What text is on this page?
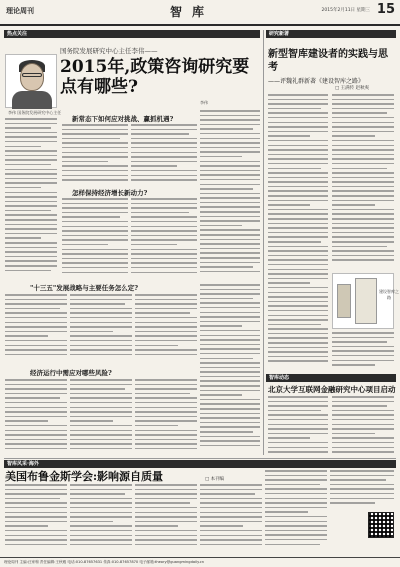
理论周刊	智库	2015年2月11日 星期三 15
热点关注	研究新著
国务院发展研究中心主任李伟——
2015年,政策咨询研究要点有哪些?
李伟
李伟 国务院发展研究中心主任
新常态下如何应对挑战、赢抓机遇?
怎样保持经济增长新动力?
"十三五"发展战略与主要任务怎么定?
经济运行中需应对哪些风险?
新型智库建设者的实践与思考
——评魏礼群新著《建设智库之路》
□ 王满传 赵秋爽
建设智库之路
智库动态
北京大学互联网金融研究中心项目启动
智库风采·海外
美国布鲁金斯学会:影响源自质量	□ 本刊编
理论周刊 主编:汪家驹 责任编辑:王秋雅 电话:010-87657631 传真:010-87657870 电子邮箱:theory@guangmingdaily.cn
